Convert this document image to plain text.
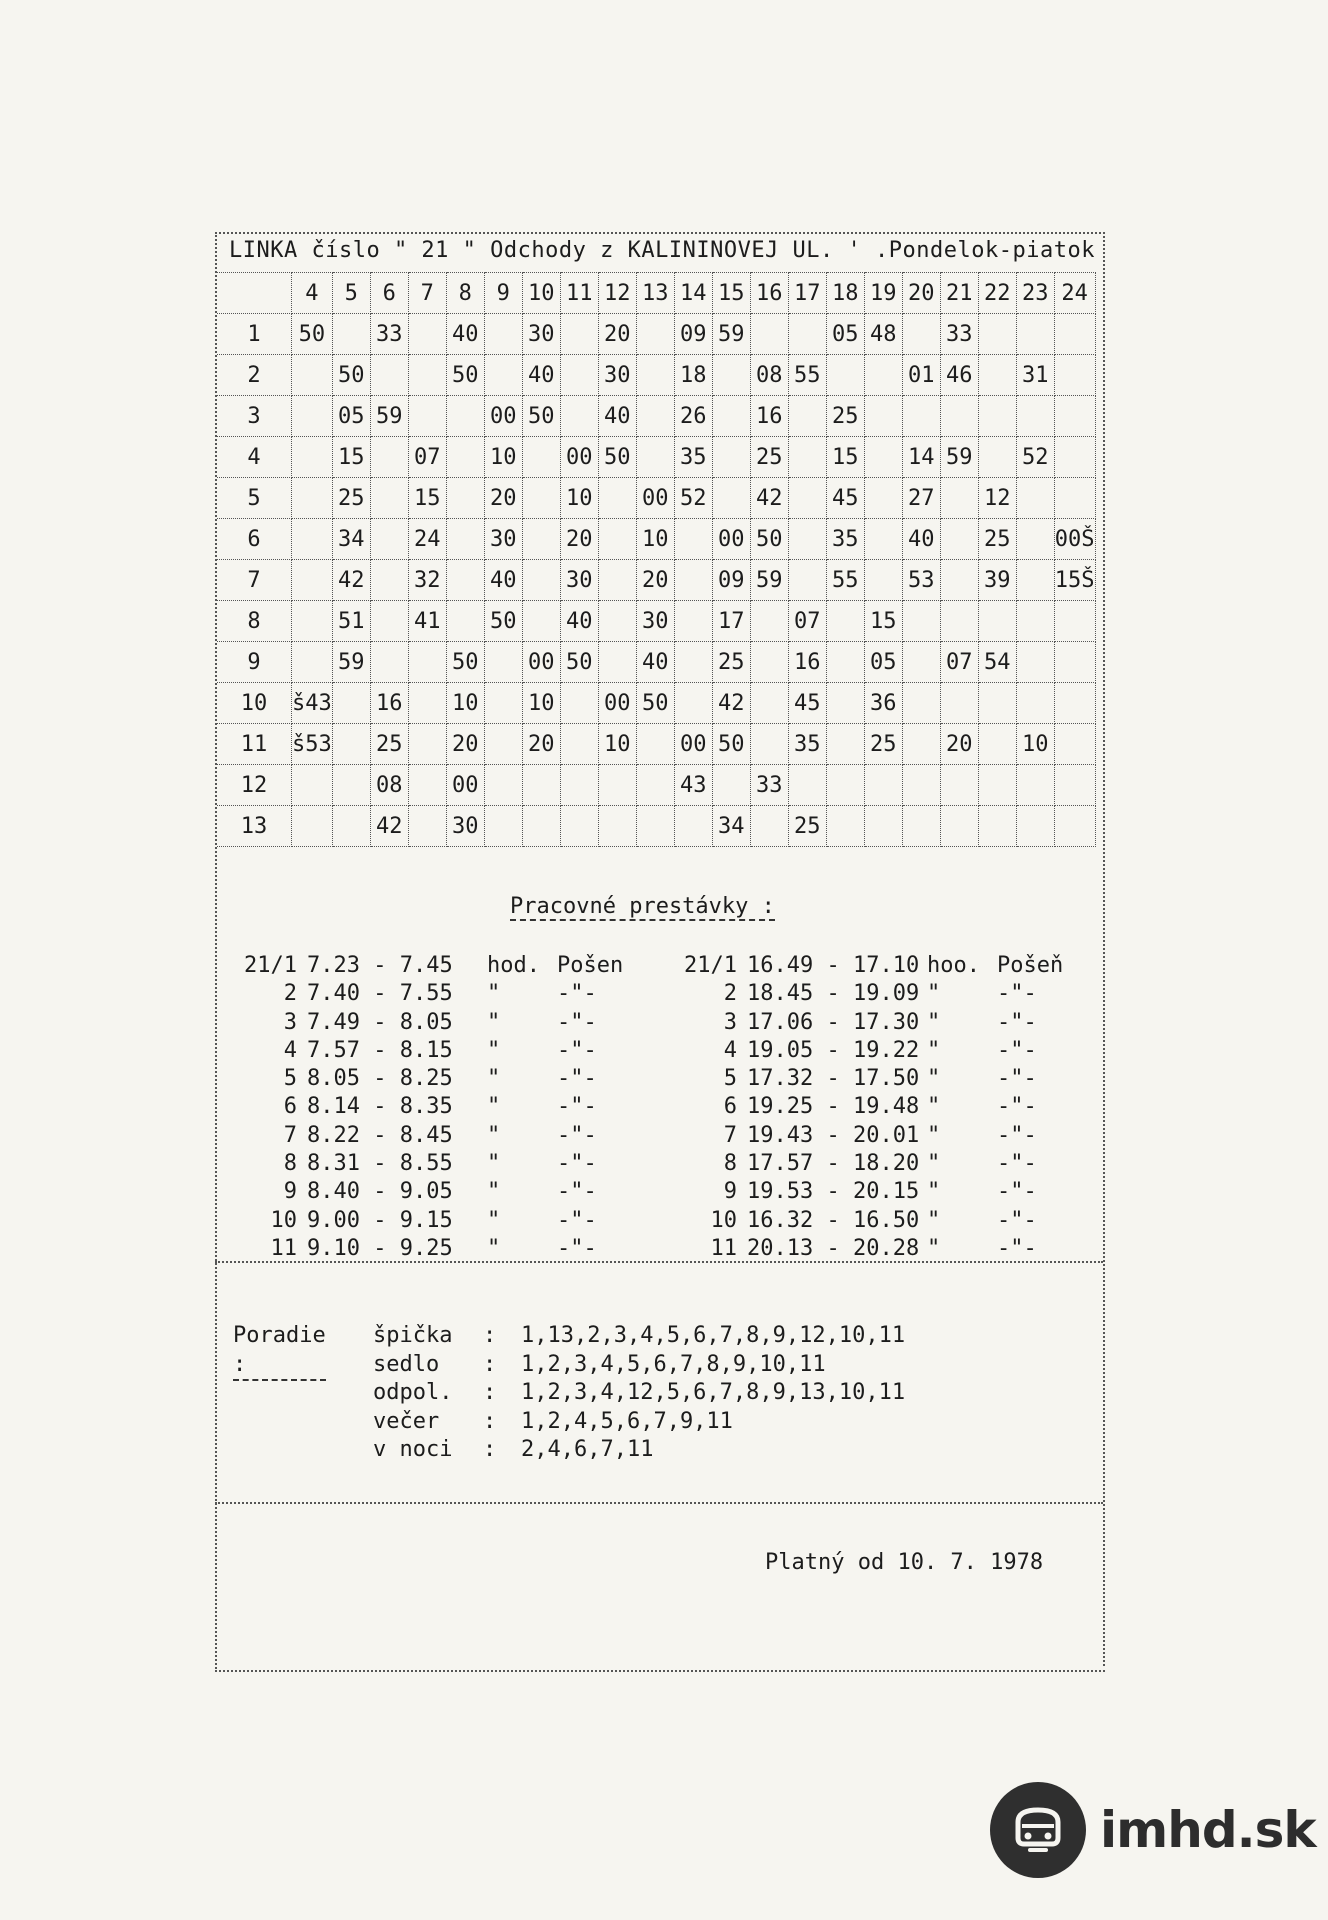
LINKA číslo " 21 " Odchody z KALININOVEJ UL. ' .Pondelok-piatok
	4	5	6	7	8	9	10	11	12	13	14	15	16	17	18	19	20	21	22	23	24
1	50		33		40		30		20		09	59			05	48		33			
2		50			50		40		30		18		08	55			01	46		31	
3		05	59			00	50		40		26		16		25						
4		15		07		10		00	50		35		25		15		14	59		52	
5		25		15		20		10		00	52		42		45		27		12		
6		34		24		30		20		10		00	50		35		40		25		00Š
7		42		32		40		30		20		09	59		55		53		39		15Š
8		51		41		50		40		30		17		07		15					
9		59			50		00	50		40		25		16		05		07	54		
10	š43		16		10		10		00	50		42		45		36					
11	š53		25		20		20		10		00	50		35		25		20		10	
12			08		00						43		33								
13			42		30							34		25							
Pracovné prestávky :
21/1 7.23 - 7.45	hod. Pošen
2 7.40 - 7.55	"	-"-
3 7.49 - 8.05	"	-"-
4 7.57 - 8.15	"	-"-
5 8.05 - 8.25	"	-"-
6 8.14 - 8.35	"	-"-
7 8.22 - 8.45	"	-"-
8 8.31 - 8.55	"	-"-
9 8.40 - 9.05	"	-"-
10 9.00 - 9.15	"	-"-
11 9.10 - 9.25	"	-"-
21/1 16.49 - 17.10 hoo. Pošeň
2 18.45 - 19.09 "	-"-
3 17.06 - 17.30 "	-"-
4 19.05 - 19.22 "	-"-
5 17.32 - 17.50 "	-"-
6 19.25 - 19.48 "	-"-
7 19.43 - 20.01 "	-"-
8 17.57 - 18.20 "	-"-
9 19.53 - 20.15 "	-"-
10 16.32 - 16.50 "	-"-
11 20.13 - 20.28 "	-"-
Poradie :
špička	:	1,13,2,3,4,5,6,7,8,9,12,10,11
sedlo	:	1,2,3,4,5,6,7,8,9,10,11
odpol.	:	1,2,3,4,12,5,6,7,8,9,13,10,11
večer	:	1,2,4,5,6,7,9,11
v noci	:	2,4,6,7,11
Platný od 10. 7. 1978
imhd.sk
